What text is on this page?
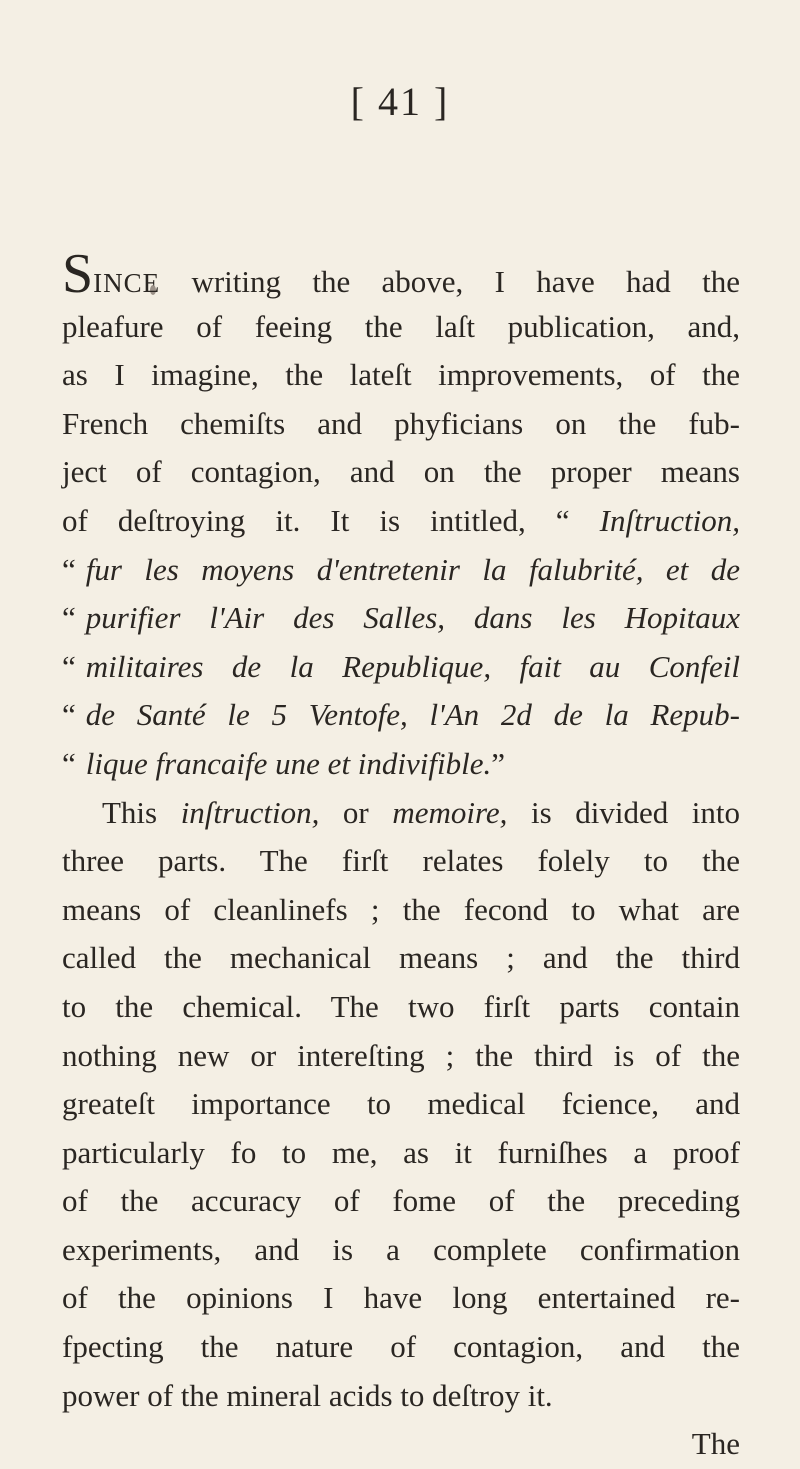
[ 41 ]
SINCE writing the above, I have had the
pleafure of feeing the laſt publication, and,
as I imagine, the lateſt improvements, of the
French chemiſts and phyficians on the fub-
ject of contagion, and on the proper means
of deſtroying it. It is intitled, “ Inſtruction,
“ fur les moyens d'entretenir la falubrité, et de
“ purifier l'Air des Salles, dans les Hopitaux
“ militaires de la Republique, fait au Confeil
“ de Santé le 5 Ventofe, l'An 2d de la Repub-
“ lique francaife une et indivifible.”
This inſtruction, or memoire, is divided into
three parts. The firſt relates folely to the
means of cleanlinefs ; the fecond to what are
called the mechanical means ; and the third
to the chemical. The two firſt parts contain
nothing new or intereſting ; the third is of the
greateſt importance to medical fcience, and
particularly fo to me, as it furniſhes a proof
of the accuracy of fome of the preceding
experiments, and is a complete confirmation
of the opinions I have long entertained re-
fpecting the nature of contagion, and the
power of the mineral acids to deſtroy it.
The
